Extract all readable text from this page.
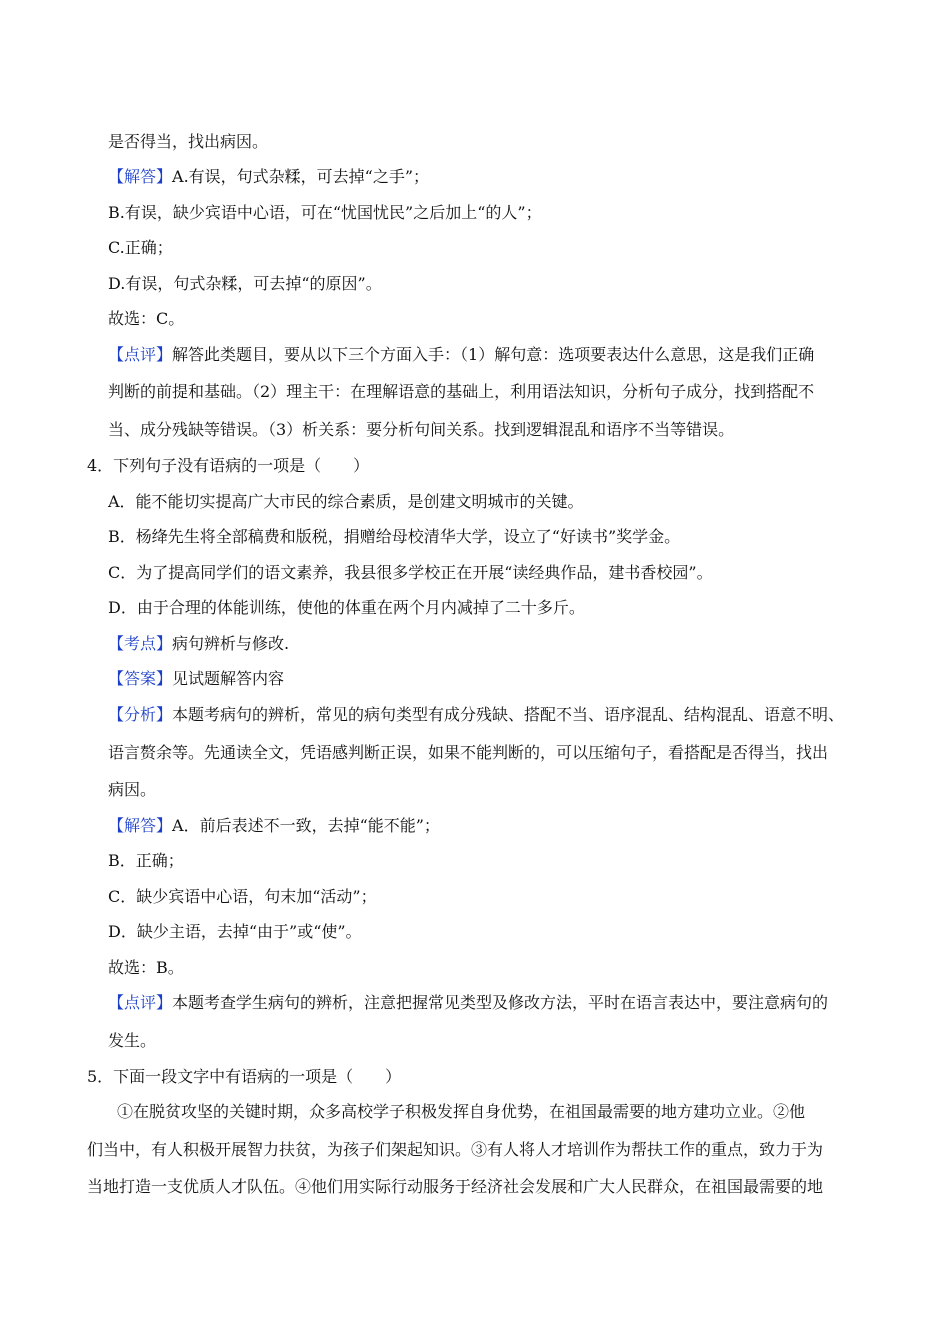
是否得当，找出病因。
【解答】A.有误，句式杂糅，可去掉“之手”；
B.有误，缺少宾语中心语，可在“忧国忧民”之后加上“的人”；
C.正确；
D.有误，句式杂糅，可去掉“的原因”。
故选：C。
【点评】解答此类题目，要从以下三个方面入手：（1）解句意：选项要表达什么意思，这是我们正确
判断的前提和基础。（2）理主干：在理解语意的基础上，利用语法知识，分析句子成分，找到搭配不
当、成分残缺等错误。（3）析关系：要分析句间关系。找到逻辑混乱和语序不当等错误。
4．下列句子没有语病的一项是（　　）
A．能不能切实提高广大市民的综合素质，是创建文明城市的关键。
B．杨绛先生将全部稿费和版税，捐赠给母校清华大学，设立了“好读书”奖学金。
C．为了提高同学们的语文素养，我县很多学校正在开展“读经典作品，建书香校园”。
D．由于合理的体能训练，使他的体重在两个月内减掉了二十多斤。
【考点】病句辨析与修改.
【答案】见试题解答内容
【分析】本题考病句的辨析，常见的病句类型有成分残缺、搭配不当、语序混乱、结构混乱、语意不明、
语言赘余等。先通读全文，凭语感判断正误，如果不能判断的，可以压缩句子，看搭配是否得当，找出
病因。
【解答】A．前后表述不一致，去掉“能不能”；
B．正确；
C．缺少宾语中心语，句末加“活动”；
D．缺少主语，去掉“由于”或“使”。
故选：B。
【点评】本题考查学生病句的辨析，注意把握常见类型及修改方法，平时在语言表达中，要注意病句的
发生。
5．下面一段文字中有语病的一项是（　　）
①在脱贫攻坚的关键时期，众多高校学子积极发挥自身优势，在祖国最需要的地方建功立业。②他
们当中，有人积极开展智力扶贫，为孩子们架起知识。③有人将人才培训作为帮扶工作的重点，致力于为
当地打造一支优质人才队伍。④他们用实际行动服务于经济社会发展和广大人民群众，在祖国最需要的地
